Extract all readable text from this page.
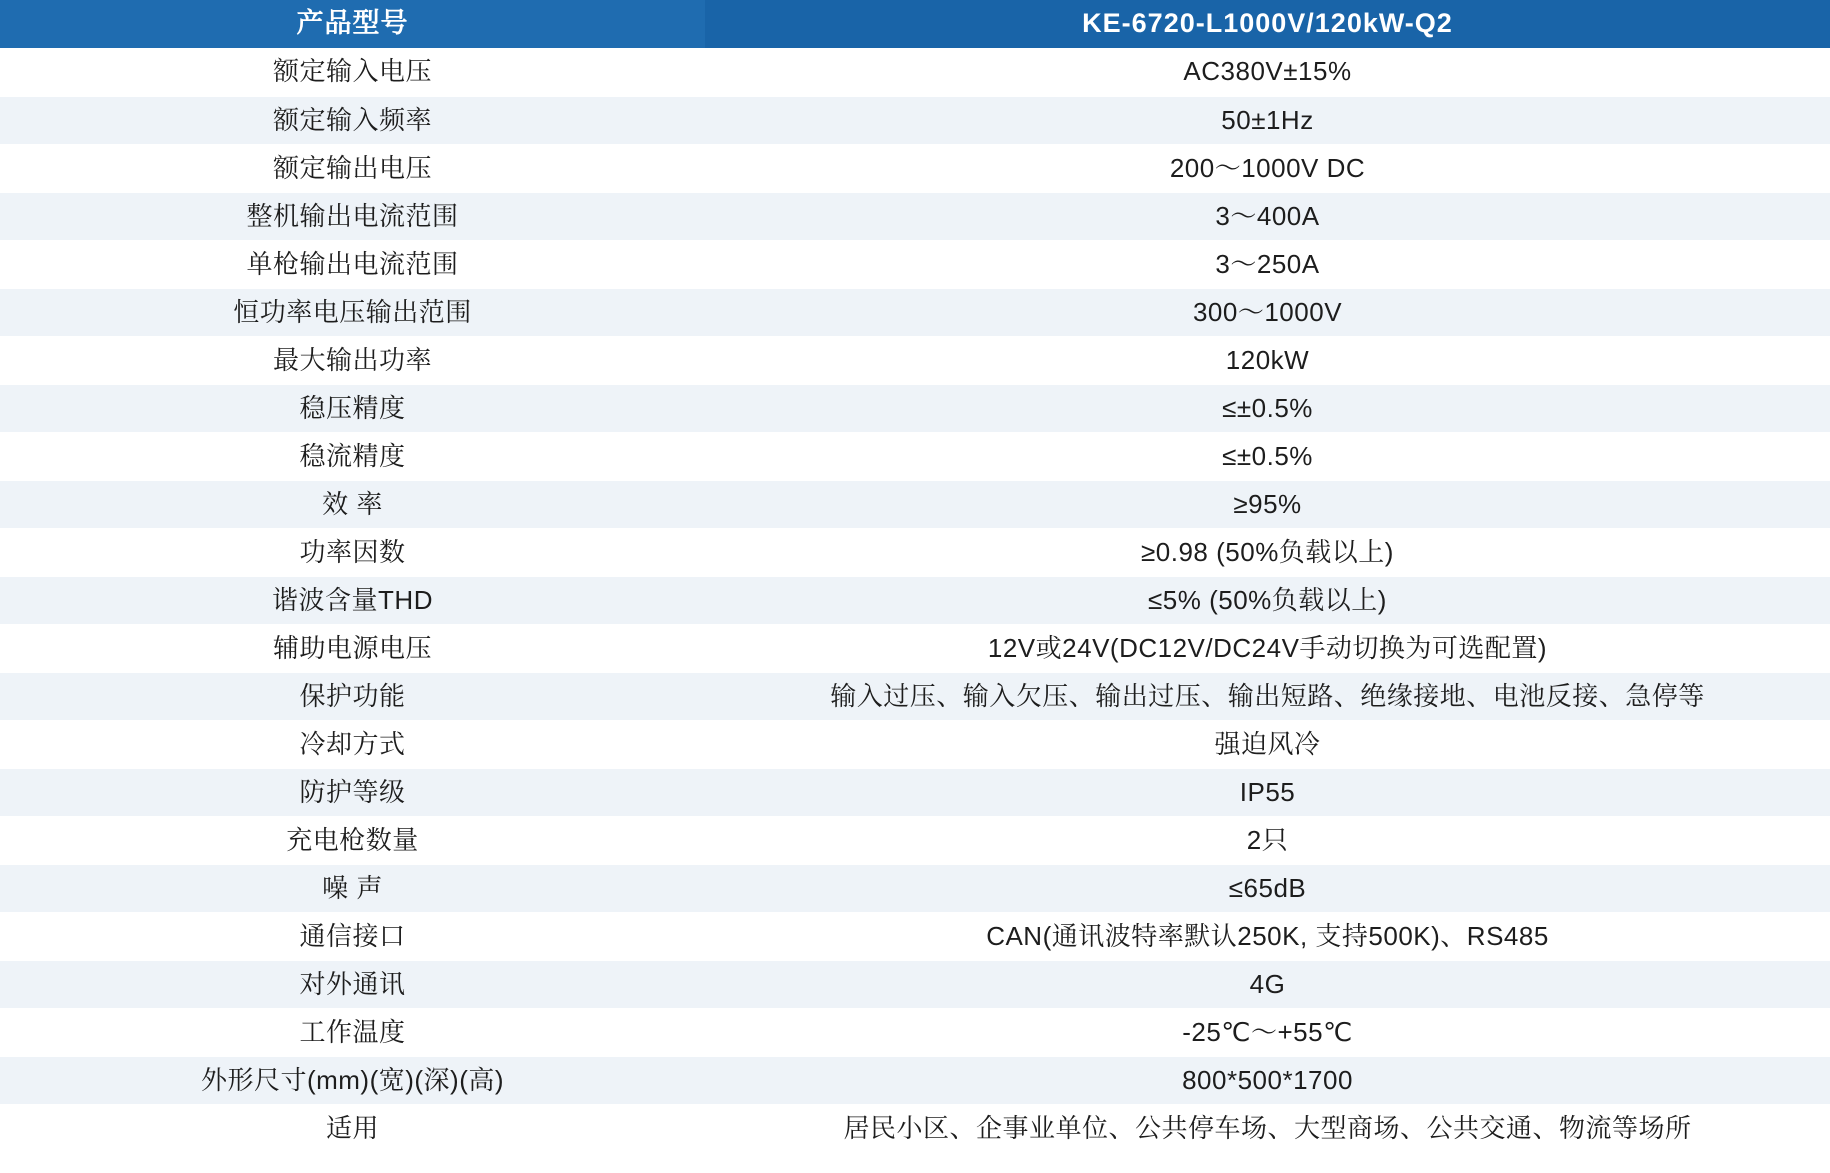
产品型号	KE-6720-L1000V/120kW-Q2
额定输入电压	AC380V±15%
额定输入频率	50±1Hz
额定输出电压	200〜1000V DC
整机输出电流范围	3〜400A
单枪输出电流范围	3〜250A
恒功率电压输出范围	300〜1000V
最大输出功率	120kW
稳压精度	≤±0.5%
稳流精度	≤±0.5%
效 率	≥95%
功率因数	≥0.98 (50%负载以上)
谐波含量THD	≤5% (50%负载以上)
辅助电源电压	12V或24V(DC12V/DC24V手动切换为可选配置)
保护功能	输入过压、输入欠压、输出过压、输出短路、绝缘接地、电池反接、急停等
冷却方式	强迫风冷
防护等级	IP55
充电枪数量	2只
噪 声	≤65dB
通信接口	CAN(通讯波特率默认250K, 支持500K)、RS485
对外通讯	4G
工作温度	-25℃〜+55℃
外形尺寸(mm)(宽)(深)(高)	800*500*1700
适用	居民小区、企事业单位、公共停车场、大型商场、公共交通、物流等场所
